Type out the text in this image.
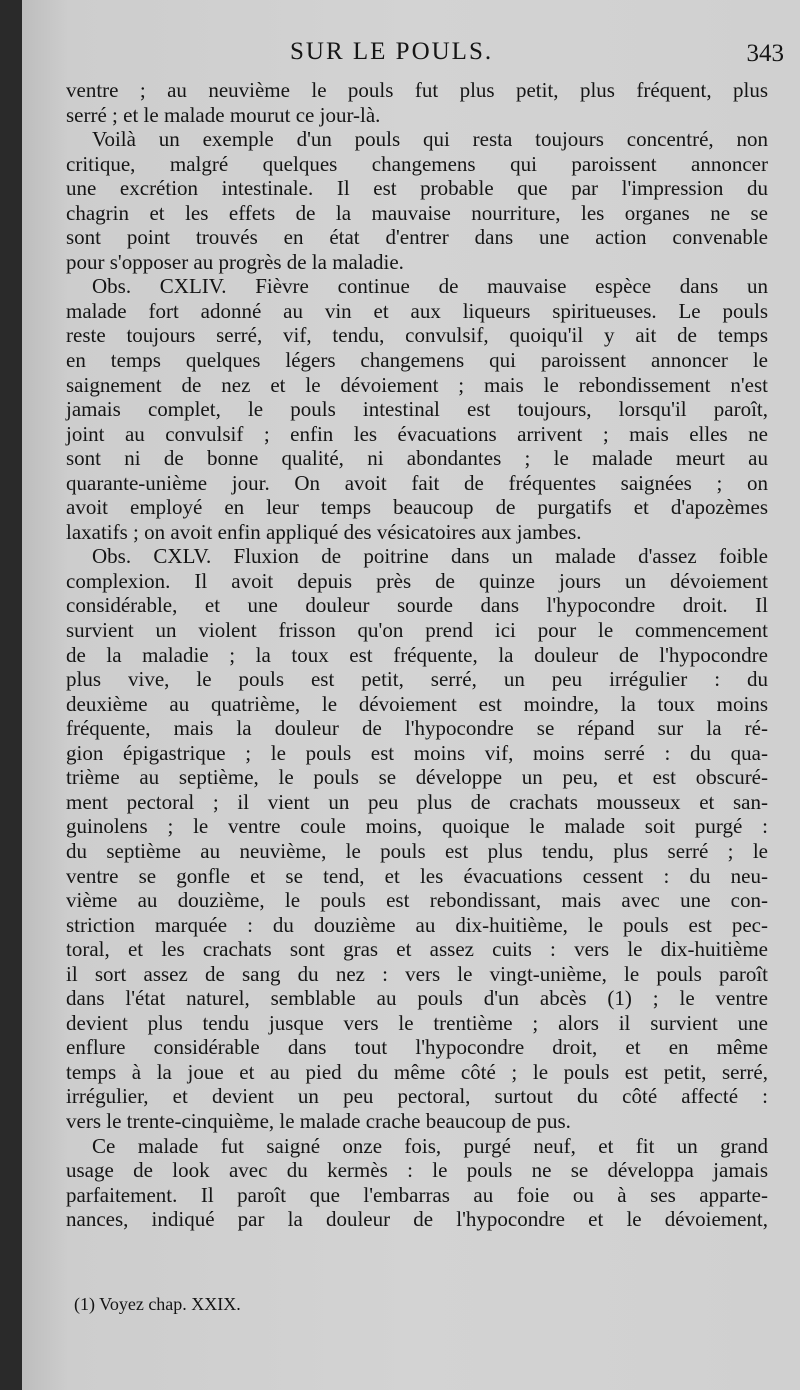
SUR LE POULS.	343
ventre ; au neuvième le pouls fut plus petit, plus fréquent, plus
serré ; et le malade mourut ce jour-là.
Voilà un exemple d'un pouls qui resta toujours concentré, non
critique, malgré quelques changemens qui paroissent annoncer
une excrétion intestinale. Il est probable que par l'impression du
chagrin et les effets de la mauvaise nourriture, les organes ne se
sont point trouvés en état d'entrer dans une action convenable
pour s'opposer au progrès de la maladie.
Obs. CXLIV. Fièvre continue de mauvaise espèce dans un
malade fort adonné au vin et aux liqueurs spiritueuses. Le pouls
reste toujours serré, vif, tendu, convulsif, quoiqu'il y ait de temps
en temps quelques légers changemens qui paroissent annoncer le
saignement de nez et le dévoiement ; mais le rebondissement n'est
jamais complet, le pouls intestinal est toujours, lorsqu'il paroît,
joint au convulsif ; enfin les évacuations arrivent ; mais elles ne
sont ni de bonne qualité, ni abondantes ; le malade meurt au
quarante-unième jour. On avoit fait de fréquentes saignées ; on
avoit employé en leur temps beaucoup de purgatifs et d'apozèmes
laxatifs ; on avoit enfin appliqué des vésicatoires aux jambes.
Obs. CXLV. Fluxion de poitrine dans un malade d'assez foible
complexion. Il avoit depuis près de quinze jours un dévoiement
considérable, et une douleur sourde dans l'hypocondre droit. Il
survient un violent frisson qu'on prend ici pour le commencement
de la maladie ; la toux est fréquente, la douleur de l'hypocondre
plus vive, le pouls est petit, serré, un peu irrégulier : du
deuxième au quatrième, le dévoiement est moindre, la toux moins
fréquente, mais la douleur de l'hypocondre se répand sur la ré-
gion épigastrique ; le pouls est moins vif, moins serré : du qua-
trième au septième, le pouls se développe un peu, et est obscuré-
ment pectoral ; il vient un peu plus de crachats mousseux et san-
guinolens ; le ventre coule moins, quoique le malade soit purgé :
du septième au neuvième, le pouls est plus tendu, plus serré ; le
ventre se gonfle et se tend, et les évacuations cessent : du neu-
vième au douzième, le pouls est rebondissant, mais avec une con-
striction marquée : du douzième au dix-huitième, le pouls est pec-
toral, et les crachats sont gras et assez cuits : vers le dix-huitième
il sort assez de sang du nez : vers le vingt-unième, le pouls paroît
dans l'état naturel, semblable au pouls d'un abcès (1) ; le ventre
devient plus tendu jusque vers le trentième ; alors il survient une
enflure considérable dans tout l'hypocondre droit, et en même
temps à la joue et au pied du même côté ; le pouls est petit, serré,
irrégulier, et devient un peu pectoral, surtout du côté affecté :
vers le trente-cinquième, le malade crache beaucoup de pus.
Ce malade fut saigné onze fois, purgé neuf, et fit un grand
usage de look avec du kermès : le pouls ne se développa jamais
parfaitement. Il paroît que l'embarras au foie ou à ses apparte-
nances, indiqué par la douleur de l'hypocondre et le dévoiement,
(1) Voyez chap. XXIX.
